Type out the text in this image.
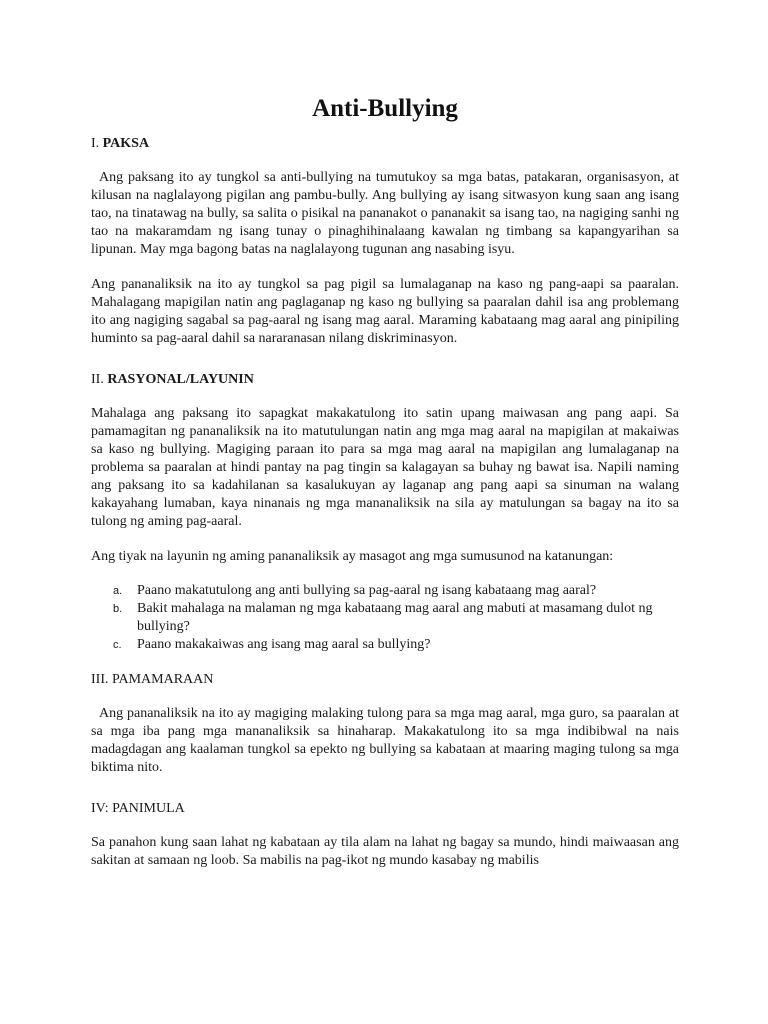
Anti-Bullying
I. PAKSA

Ang paksang ito ay tungkol sa anti-bullying na tumutukoy sa mga batas, patakaran, organisasyon, at kilusan na naglalayong pigilan ang pambu-bully. Ang bullying ay isang sitwasyon kung saan ang isang tao, na tinatawag na bully, sa salita o pisikal na pananakot o pananakit sa isang tao, na nagiging sanhi ng tao na makaramdam ng isang tunay o pinaghihinalaang kawalan ng timbang sa kapangyarihan sa lipunan. May mga bagong batas na naglalayong tugunan ang nasabing isyu.

Ang pananaliksik na ito ay tungkol sa pag pigil sa lumalaganap na kaso ng pang-aapi sa paaralan. Mahalagang mapigilan natin ang paglaganap ng kaso ng bullying sa paaralan dahil isa ang problemang ito ang nagiging sagabal sa pag-aaral ng isang mag aaral. Maraming kabataang mag aaral ang pinipiling huminto sa pag-aaral dahil sa nararanasan nilang diskriminasyon.

II. RASYONAL/LAYUNIN

Mahalaga ang paksang ito sapagkat makakatulong ito satin upang maiwasan ang pang aapi. Sa pamamagitan ng pananaliksik na ito matutulungan natin ang mga mag aaral na mapigilan at makaiwas sa kaso ng bullying. Magiging paraan ito para sa mga mag aaral na mapigilan ang lumalaganap na problema sa paaralan at hindi pantay na pag tingin sa kalagayan sa buhay ng bawat isa. Napili naming ang paksang ito sa kadahilanan sa kasalukuyan ay laganap ang pang aapi sa sinuman na walang kakayahang lumaban, kaya ninanais ng mga mananaliksik na sila ay matulungan sa bagay na ito sa tulong ng aming pag-aaral.

Ang tiyak na layunin ng aming pananaliksik ay masagot ang mga sumusunod na katanungan:

a. Paano makatutulong ang anti bullying sa pag-aaral ng isang kabataang mag aaral?
b. Bakit mahalaga na malaman ng mga kabataang mag aaral ang mabuti at masamang dulot ng bullying?
c. Paano makakaiwas ang isang mag aaral sa bullying?
III. PAMAMARAAN

Ang pananaliksik na ito ay magiging malaking tulong para sa mga mag aaral, mga guro, sa paaralan at sa mga iba pang mga mananaliksik sa hinaharap. Makakatulong ito sa mga indibibwal na nais madagdagan ang kaalaman tungkol sa epekto ng bullying sa kabataan at maaring maging tulong sa mga biktima nito.

IV: PANIMULA

Sa panahon kung saan lahat ng kabataan ay tila alam na lahat ng bagay sa mundo, hindi maiwaasan ang sakitan at samaan ng loob. Sa mabilis na pag-ikot ng mundo kasabay ng mabilis
